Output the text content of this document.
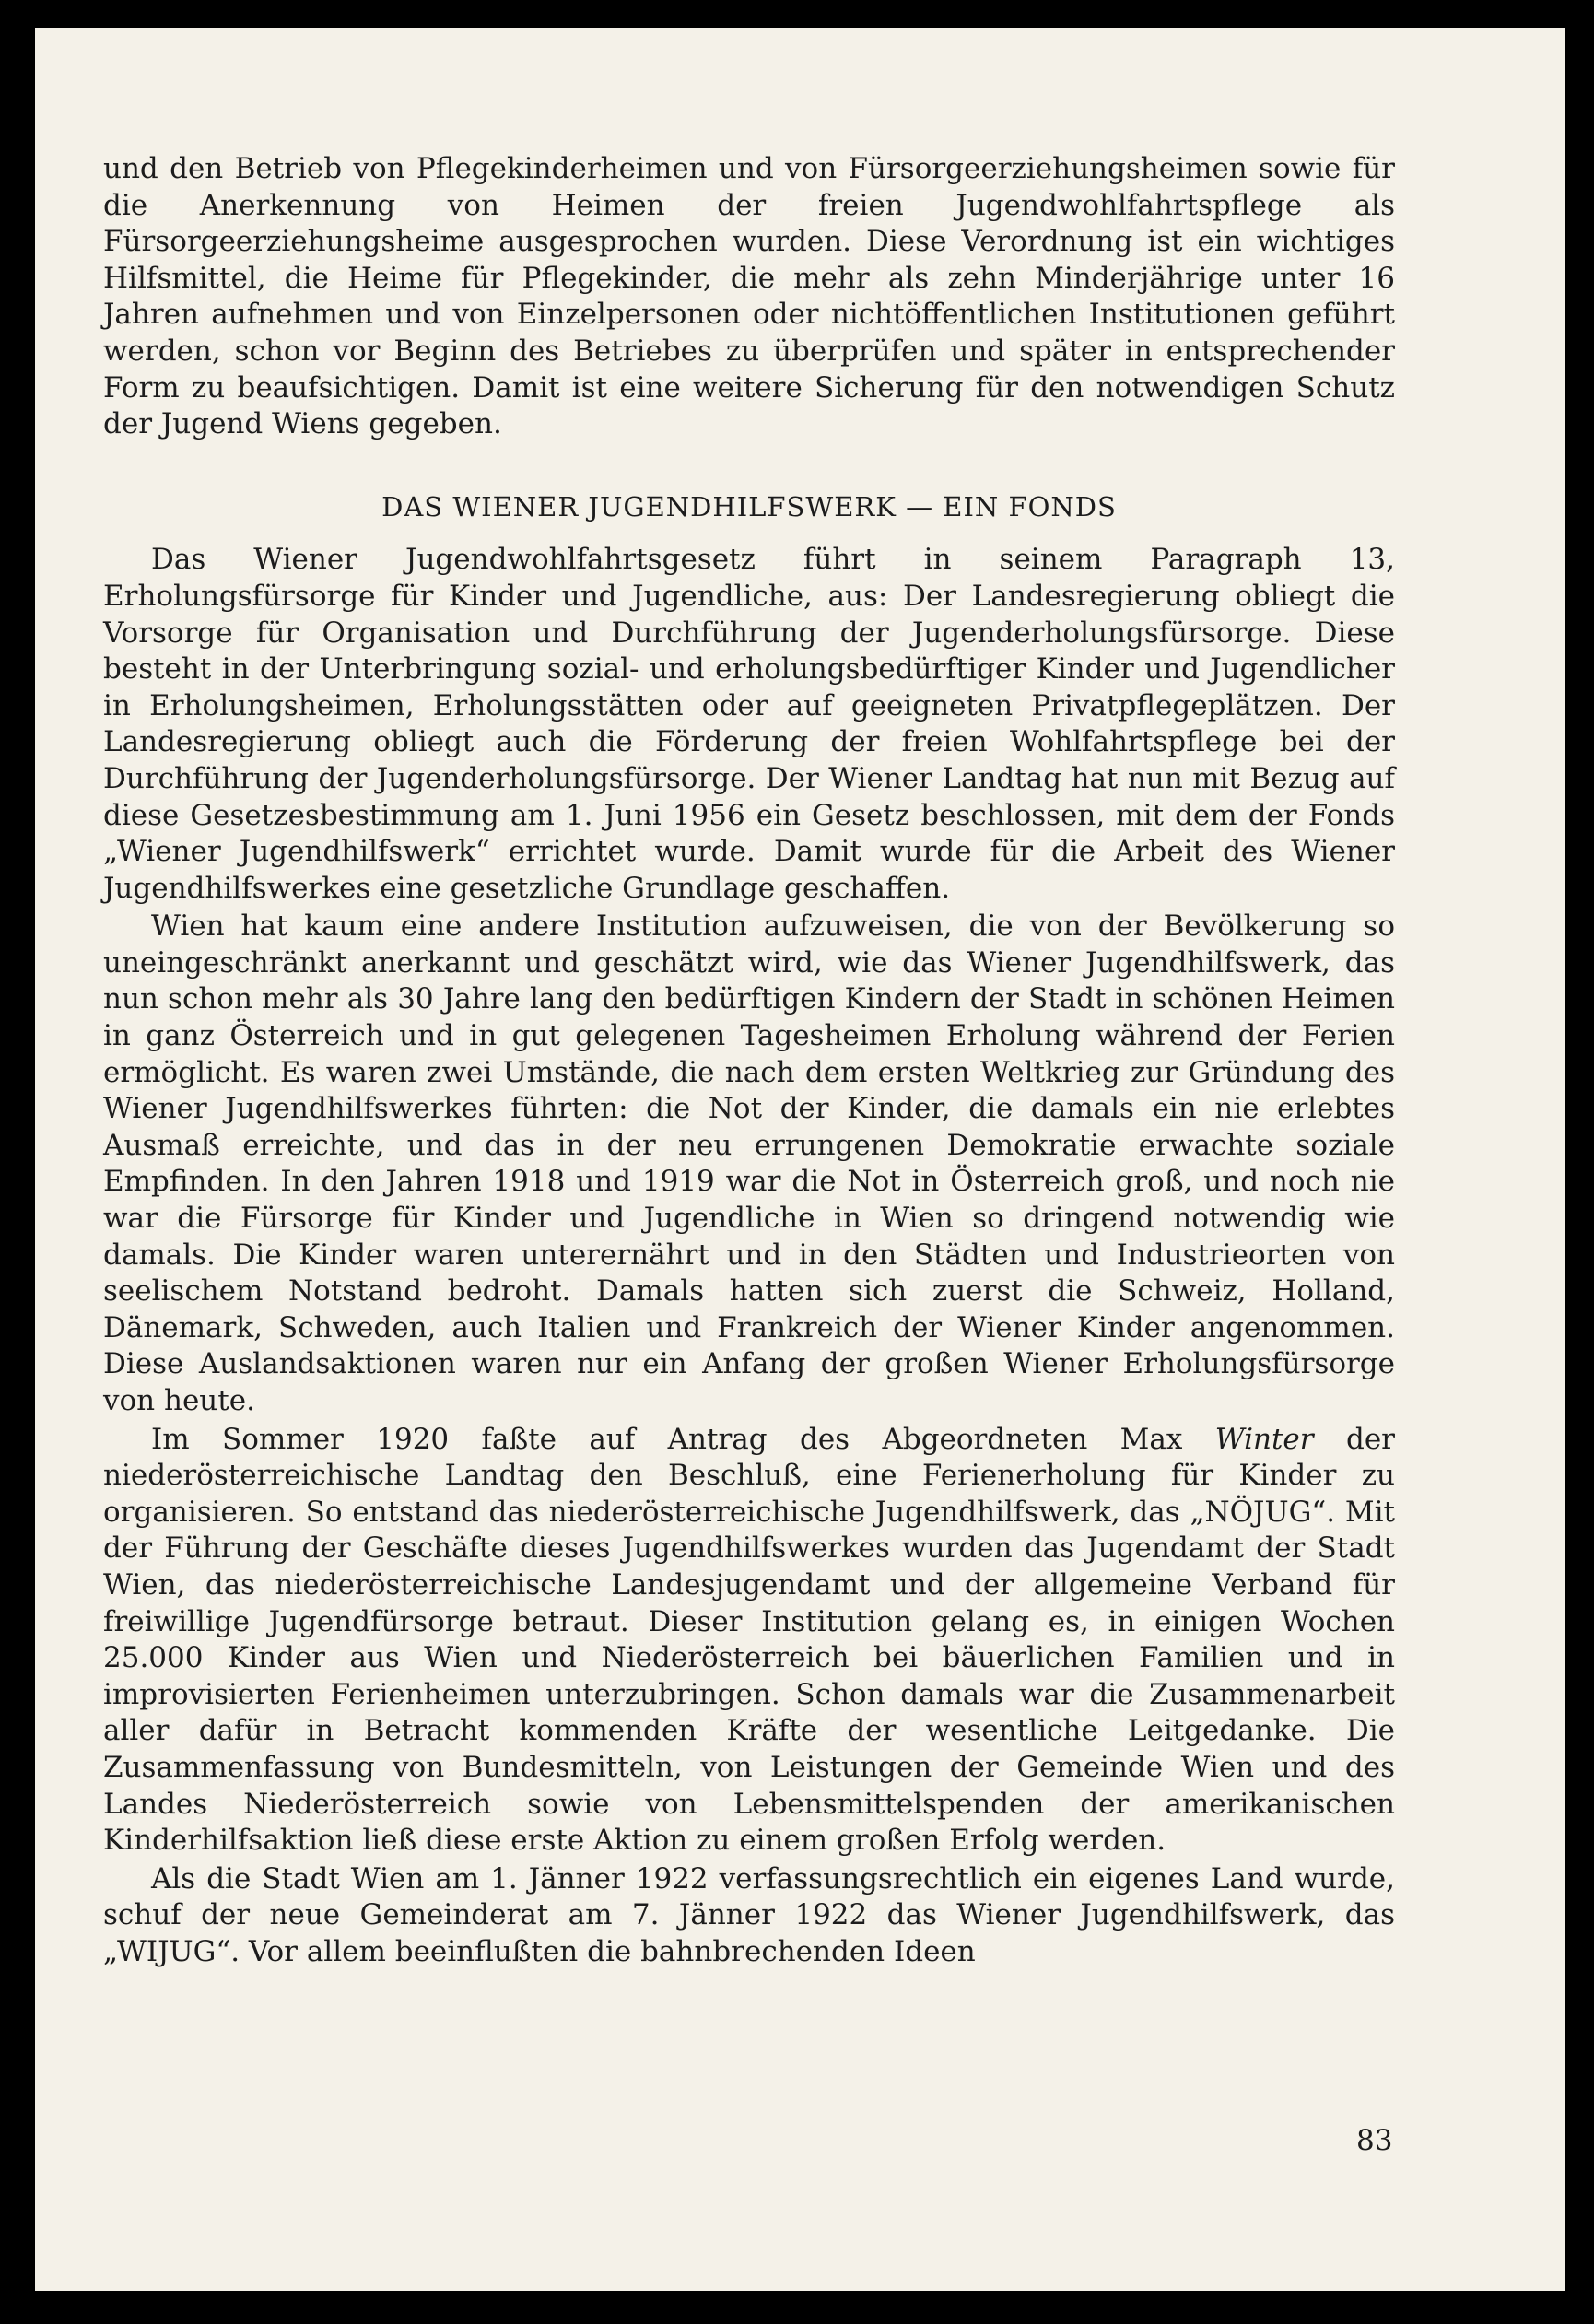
und den Betrieb von Pflegekinderheimen und von Fürsorgeerziehungsheimen sowie für die Anerkennung von Heimen der freien Jugendwohlfahrtspflege als Fürsorgeerziehungsheime ausgesprochen wurden. Diese Verordnung ist ein wichtiges Hilfsmittel, die Heime für Pflegekinder, die mehr als zehn Minderjährige unter 16 Jahren aufnehmen und von Einzelpersonen oder nichtöffentlichen Institutionen geführt werden, schon vor Beginn des Betriebes zu überprüfen und später in entsprechender Form zu beaufsichtigen. Damit ist eine weitere Sicherung für den notwendigen Schutz der Jugend Wiens gegeben.

DAS WIENER JUGENDHILFSWERK — EIN FONDS

Das Wiener Jugendwohlfahrtsgesetz führt in seinem Paragraph 13, Erholungsfürsorge für Kinder und Jugendliche, aus: Der Landesregierung obliegt die Vorsorge für Organisation und Durchführung der Jugenderholungsfürsorge. Diese besteht in der Unterbringung sozial- und erholungsbedürftiger Kinder und Jugendlicher in Erholungsheimen, Erholungsstätten oder auf geeigneten Privatpflegeplätzen. Der Landesregierung obliegt auch die Förderung der freien Wohlfahrtspflege bei der Durchführung der Jugenderholungsfürsorge. Der Wiener Landtag hat nun mit Bezug auf diese Gesetzesbestimmung am 1. Juni 1956 ein Gesetz beschlossen, mit dem der Fonds „Wiener Jugendhilfswerk“ errichtet wurde. Damit wurde für die Arbeit des Wiener Jugendhilfswerkes eine gesetzliche Grundlage geschaffen.

Wien hat kaum eine andere Institution aufzuweisen, die von der Bevölkerung so uneingeschränkt anerkannt und geschätzt wird, wie das Wiener Jugendhilfswerk, das nun schon mehr als 30 Jahre lang den bedürftigen Kindern der Stadt in schönen Heimen in ganz Österreich und in gut gelegenen Tagesheimen Erholung während der Ferien ermöglicht. Es waren zwei Umstände, die nach dem ersten Weltkrieg zur Gründung des Wiener Jugendhilfswerkes führten: die Not der Kinder, die damals ein nie erlebtes Ausmaß erreichte, und das in der neu errungenen Demokratie erwachte soziale Empfinden. In den Jahren 1918 und 1919 war die Not in Österreich groß, und noch nie war die Fürsorge für Kinder und Jugendliche in Wien so dringend notwendig wie damals. Die Kinder waren unterernährt und in den Städten und Industrieorten von seelischem Notstand bedroht. Damals hatten sich zuerst die Schweiz, Holland, Dänemark, Schweden, auch Italien und Frankreich der Wiener Kinder angenommen. Diese Auslandsaktionen waren nur ein Anfang der großen Wiener Erholungsfürsorge von heute.

Im Sommer 1920 faßte auf Antrag des Abgeordneten Max Winter der niederösterreichische Landtag den Beschluß, eine Ferienerholung für Kinder zu organisieren. So entstand das niederösterreichische Jugendhilfswerk, das „NÖJUG“. Mit der Führung der Geschäfte dieses Jugendhilfswerkes wurden das Jugendamt der Stadt Wien, das niederösterreichische Landesjugendamt und der allgemeine Verband für freiwillige Jugendfürsorge betraut. Dieser Institution gelang es, in einigen Wochen 25.000 Kinder aus Wien und Niederösterreich bei bäuerlichen Familien und in improvisierten Ferienheimen unterzubringen. Schon damals war die Zusammenarbeit aller dafür in Betracht kommenden Kräfte der wesentliche Leitgedanke. Die Zusammenfassung von Bundesmitteln, von Leistungen der Gemeinde Wien und des Landes Niederösterreich sowie von Lebensmittelspenden der amerikanischen Kinderhilfsaktion ließ diese erste Aktion zu einem großen Erfolg werden.

Als die Stadt Wien am 1. Jänner 1922 verfassungsrechtlich ein eigenes Land wurde, schuf der neue Gemeinderat am 7. Jänner 1922 das Wiener Jugendhilfswerk, das „WIJUG“. Vor allem beeinflußten die bahnbrechenden Ideen

83
